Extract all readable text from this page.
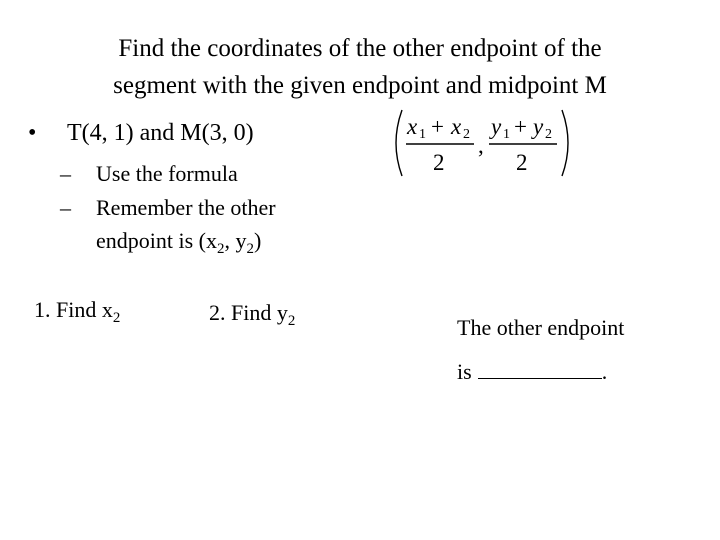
Find the coordinates of the other endpoint of the
segment with the given endpoint and midpoint M
• T(4, 1) and M(3, 0)
– Use the formula
– Remember the other
endpoint is ($x_2$, $y_2$)
x 1 + x 2
2
,
y 1 + y 2
2
1. Find $x_2$	2. Find $y_2$	The other endpoint
is	.
